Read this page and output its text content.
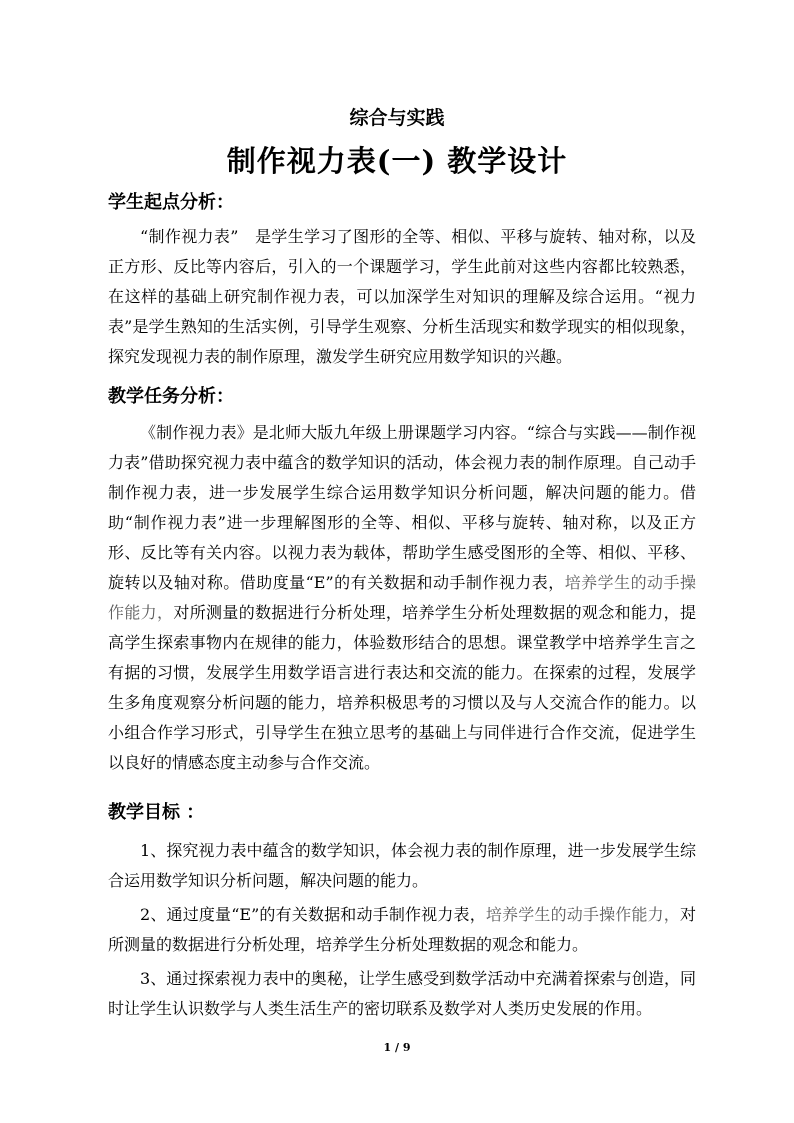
综合与实践
制作视力表(一) 教学设计
学生起点分析：

“制作视力表”　是学生学习了图形的全等、相似、平移与旋转、轴对称，以及正方形、反比等内容后，引入的一个课题学习，学生此前对这些内容都比较熟悉，在这样的基础上研究制作视力表，可以加深学生对知识的理解及综合运用。“视力表”是学生熟知的生活实例，引导学生观察、分析生活现实和数学现实的相似现象，探究发现视力表的制作原理，激发学生研究应用数学知识的兴趣。

教学任务分析：

《制作视力表》是北师大版九年级上册课题学习内容。“综合与实践——制作视力表”借助探究视力表中蕴含的数学知识的活动，体会视力表的制作原理。自己动手制作视力表，进一步发展学生综合运用数学知识分析问题，解决问题的能力。借助“制作视力表”进一步理解图形的全等、相似、平移与旋转、轴对称，以及正方形、反比等有关内容。以视力表为载体，帮助学生感受图形的全等、相似、平移、旋转以及轴对称。借助度量“E”的有关数据和动手制作视力表，培养学生的动手操作能力，对所测量的数据进行分析处理，培养学生分析处理数据的观念和能力，提高学生探索事物内在规律的能力，体验数形结合的思想。课堂教学中培养学生言之有据的习惯，发展学生用数学语言进行表达和交流的能力。在探索的过程，发展学生多角度观察分析问题的能力，培养积极思考的习惯以及与人交流合作的能力。以小组合作学习形式，引导学生在独立思考的基础上与同伴进行合作交流，促进学生以良好的情感态度主动参与合作交流。

教学目标 ：

1、探究视力表中蕴含的数学知识，体会视力表的制作原理，进一步发展学生综合运用数学知识分析问题，解决问题的能力。

2、通过度量“E”的有关数据和动手制作视力表，培养学生的动手操作能力，对所测量的数据进行分析处理，培养学生分析处理数据的观念和能力。

3、通过探索视力表中的奥秘，让学生感受到数学活动中充满着探索与创造，同时让学生认识数学与人类生活生产的密切联系及数学对人类历史发展的作用。

1 / 9
